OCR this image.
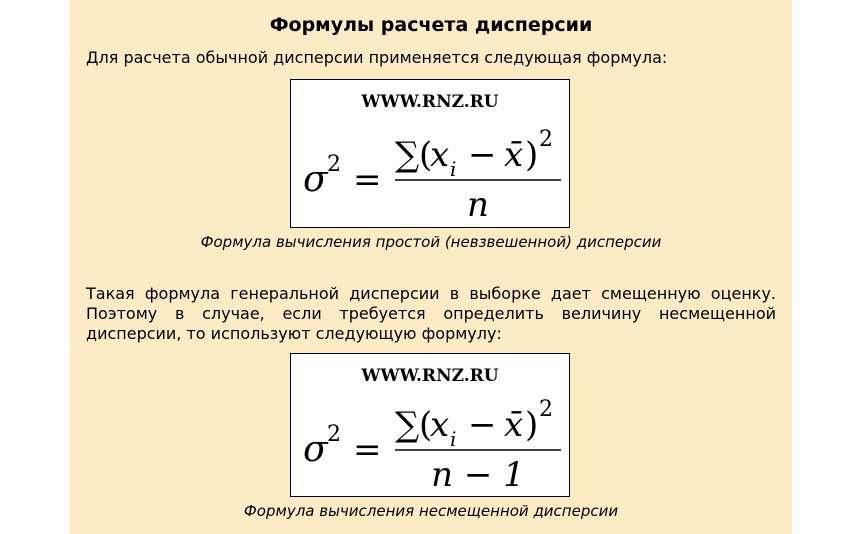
Формулы расчета дисперсии
Для расчета обычной дисперсии применяется следующая формула:
WWW.RNZ.RU
σ 2 =
∑ (
x i − x̄ ) 2
n
Формула вычисления простой (невзвешенной) дисперсии
Такая формула генеральной дисперсии в выборке дает смещенную оценку. Поэтому в случае, если требуется определить величину несмещенной дисперсии, то используют следующую формулу:
WWW.RNZ.RU
σ 2 =
∑ (
x i − x̄ ) 2
n − 1
Формула вычисления несмещенной дисперсии
